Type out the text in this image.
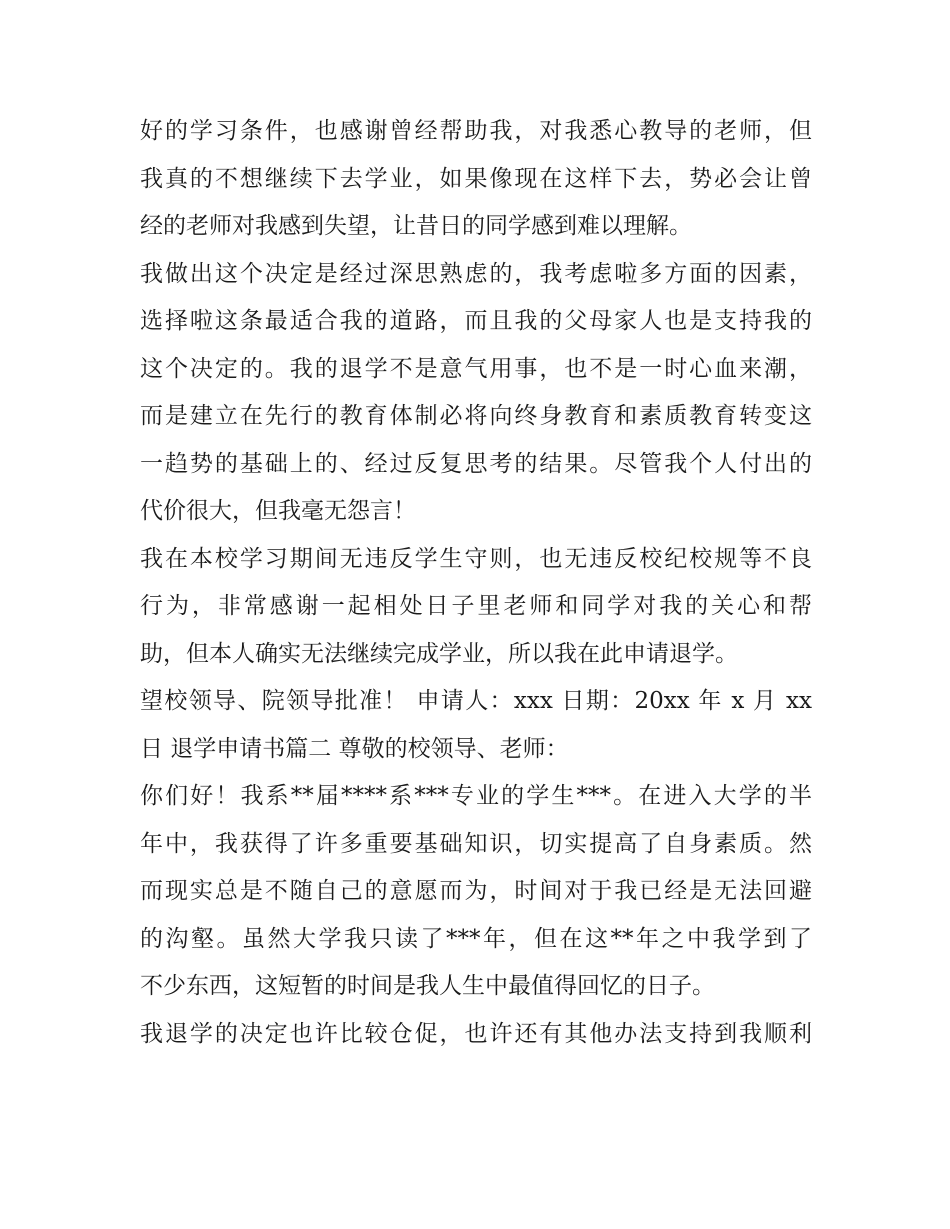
好的学习条件，也感谢曾经帮助我，对我悉心教导的老师，但
我真的不想继续下去学业，如果像现在这样下去，势必会让曾
经的老师对我感到失望，让昔日的同学感到难以理解。
我做出这个决定是经过深思熟虑的，我考虑啦多方面的因素，
选择啦这条最适合我的道路，而且我的父母家人也是支持我的
这个决定的。我的退学不是意气用事，也不是一时心血来潮，
而是建立在先行的教育体制必将向终身教育和素质教育转变这
一趋势的基础上的、经过反复思考的结果。尽管我个人付出的
代价很大，但我毫无怨言！
我在本校学习期间无违反学生守则，也无违反校纪校规等不良
行为，非常感谢一起相处日子里老师和同学对我的关心和帮
助，但本人确实无法继续完成学业，所以我在此申请退学。
望校领导、院领导批准！ 申请人：xxx 日期：20xx 年 x 月 xx
日 退学申请书篇二 尊敬的校领导、老师：
你们好！我系**届****系***专业的学生***。在进入大学的半
年中，我获得了许多重要基础知识，切实提高了自身素质。然
而现实总是不随自己的意愿而为，时间对于我已经是无法回避
的沟壑。虽然大学我只读了***年，但在这**年之中我学到了
不少东西，这短暂的时间是我人生中最值得回忆的日子。
我退学的决定也许比较仓促，也许还有其他办法支持到我顺利
